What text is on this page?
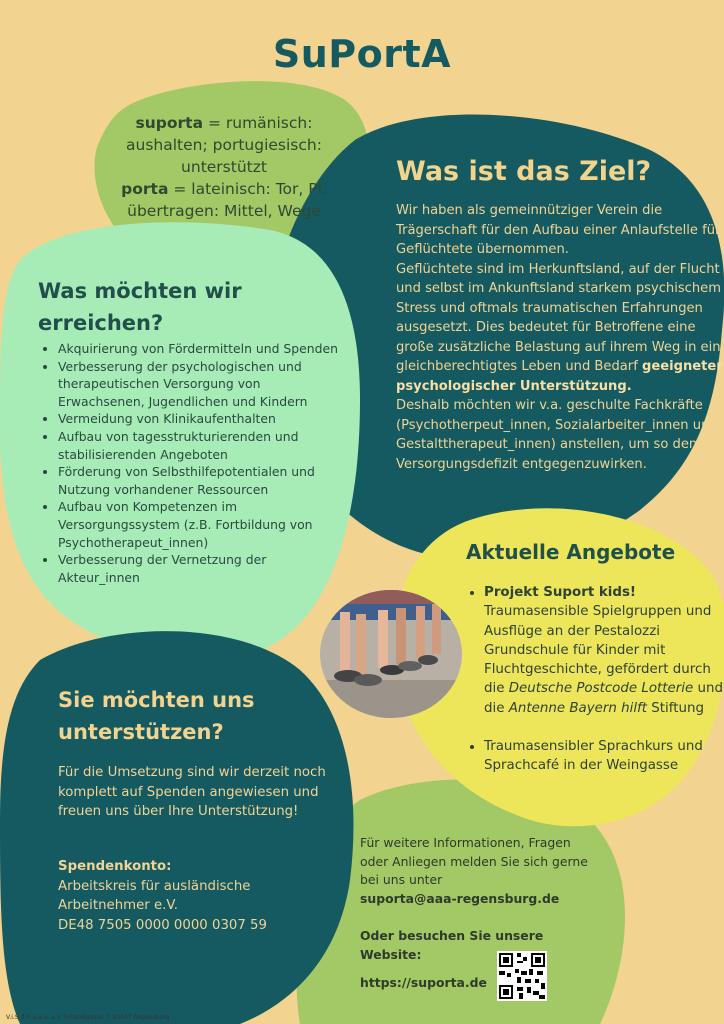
SuPortA
suporta = rumänisch: aushalten; portugiesisch: unterstützt
porta = lateinisch: Tor, Pl. übertragen: Mittel, Wege
Was ist das Ziel?
Wir haben als gemeinnütziger Verein die Trägerschaft für den Aufbau einer Anlaufstelle für Geflüchtete übernommen.
Geflüchtete sind im Herkunftsland, auf der Flucht und selbst im Ankunftsland starkem psychischem Stress und oftmals traumatischen Erfahrungen ausgesetzt. Dies bedeutet für Betroffene eine große zusätzliche Belastung auf ihrem Weg in ein gleichberechtigtes Leben und Bedarf geeigneter psychologischer Unterstützung.
Deshalb möchten wir v.a. geschulte Fachkräfte (Psychotherpeut_innen, Sozialarbeiter_innen und Gestalttherapeut_innen) anstellen, um so dem Versorgungsdefizit entgegenzuwirken.
Was möchten wir erreichen?
• Akquirierung von Fördermitteln und Spenden
• Verbesserung der psychologischen und therapeutischen Versorgung von Erwachsenen, Jugendlichen und Kindern
• Vermeidung von Klinikaufenthalten
• Aufbau von tagesstrukturierenden und stabilisierenden Angeboten
• Förderung von Selbsthilfepotentialen und Nutzung vorhandener Ressourcen
• Aufbau von Kompetenzen im Versorgungssystem (z.B. Fortbildung von Psychotherapeut_innen)
• Verbesserung der Vernetzung der Akteur_innen
Aktuelle Angebote
• Projekt Suport kids!
Traumasensible Spielgruppen und Ausflüge an der Pestalozzi Grundschule für Kinder mit Fluchtgeschichte, gefördert durch die Deutsche Postcode Lotterie und die Antenne Bayern hilft Stiftung
• Traumasensibler Sprachkurs und Sprachcafé in der Weingasse
Sie möchten uns unterstützen?
Für die Umsetzung sind wir derzeit noch komplett auf Spenden angewiesen und freuen uns über Ihre Unterstützung!
Spendenkonto:
Arbeitskreis für ausländische Arbeitnehmer e.V.
DE48 7505 0000 0000 0307 59
Für weitere Informationen, Fragen oder Anliegen melden Sie sich gerne bei uns unter
suporta@aaa-regensburg.de
Oder besuchen Sie unsere Website:
https://suporta.de
V.i.S.d.P. a.a.a. e.V. Erhardigasse 7, 93047 Regensburg
